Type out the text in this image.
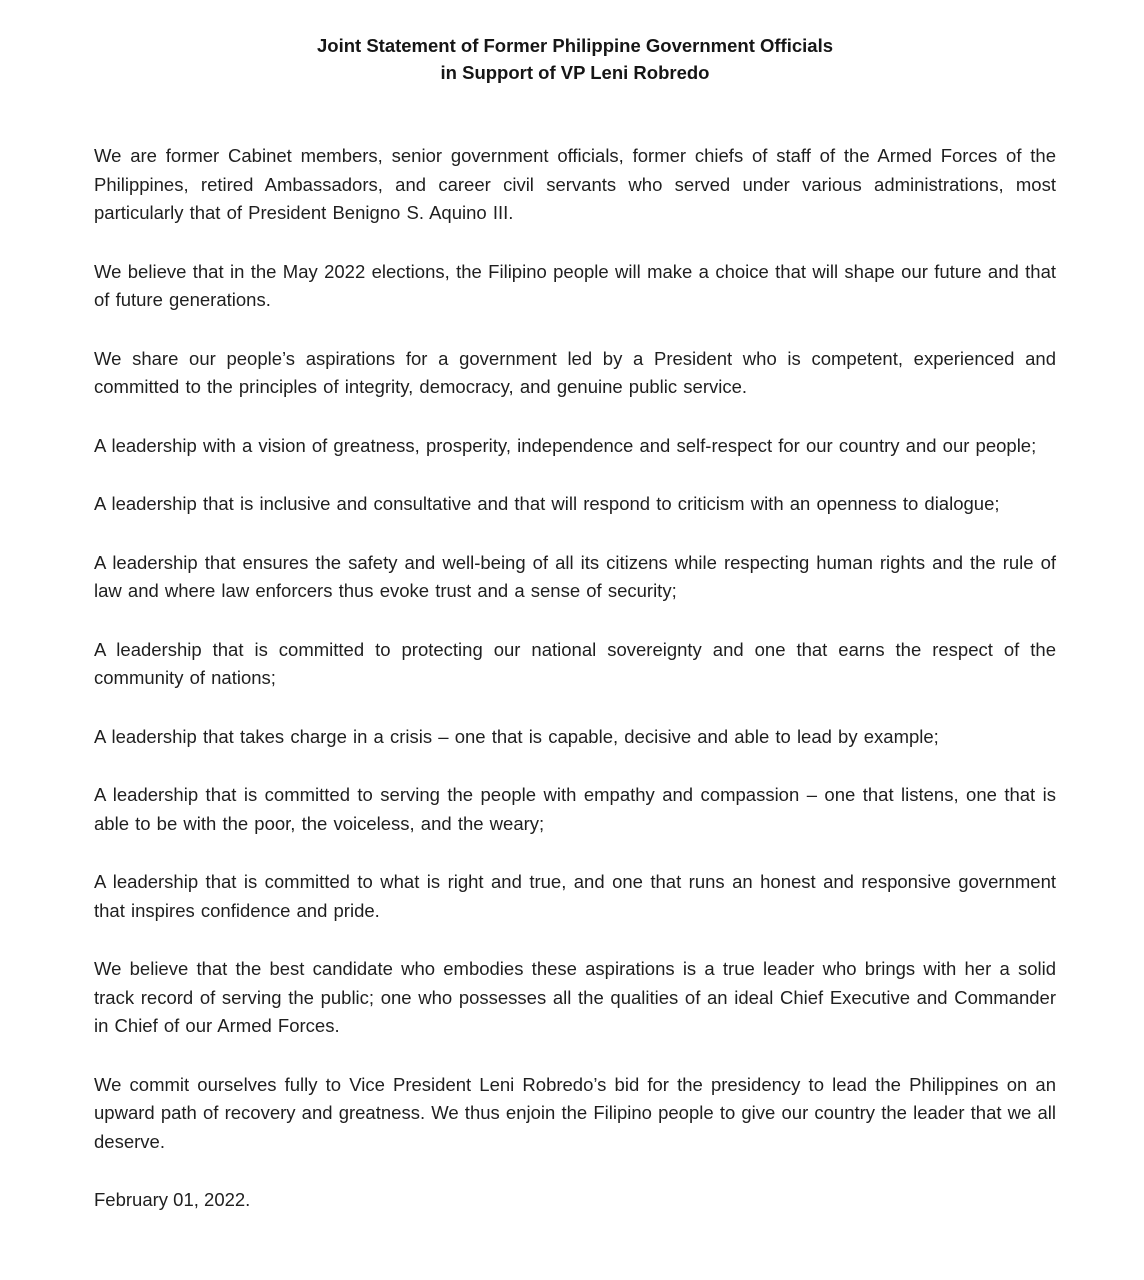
Joint Statement of Former Philippine Government Officials
in Support of VP Leni Robredo

We are former Cabinet members, senior government officials, former chiefs of staff of the Armed Forces of the Philippines, retired Ambassadors, and career civil servants who served under various administrations, most particularly that of President Benigno S. Aquino III.

We believe that in the May 2022 elections, the Filipino people will make a choice that will shape our future and that of future generations.

We share our people’s aspirations for a government led by a President who is competent, experienced and committed to the principles of integrity, democracy, and genuine public service.

A leadership with a vision of greatness, prosperity, independence and self-respect for our country and our people;

A leadership that is inclusive and consultative and that will respond to criticism with an openness to dialogue;

A leadership that ensures the safety and well-being of all its citizens while respecting human rights and the rule of law and where law enforcers thus evoke trust and a sense of security;

A leadership that is committed to protecting our national sovereignty and one that earns the respect of the community of nations;

A leadership that takes charge in a crisis – one that is capable, decisive and able to lead by example;

A leadership that is committed to serving the people with empathy and compassion – one that listens, one that is able to be with the poor, the voiceless, and the weary;

A leadership that is committed to what is right and true, and one that runs an honest and responsive government that inspires confidence and pride.

We believe that the best candidate who embodies these aspirations is a true leader who brings with her a solid track record of serving the public; one who possesses all the qualities of an ideal Chief Executive and Commander in Chief of our Armed Forces.

We commit ourselves fully to Vice President Leni Robredo’s bid for the presidency to lead the Philippines on an upward path of recovery and greatness. We thus enjoin the Filipino people to give our country the leader that we all deserve.

February 01, 2022.
